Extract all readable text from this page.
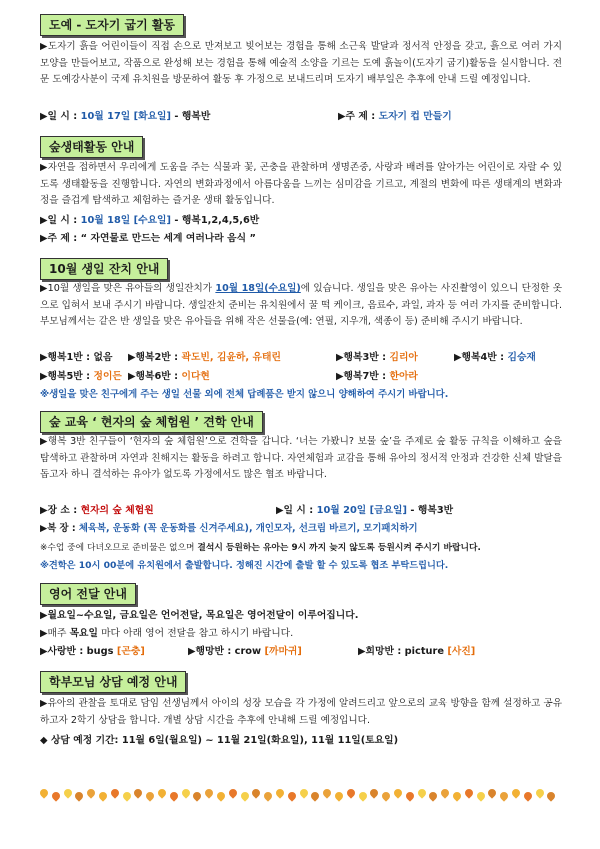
도예 - 도자기 굽기 활동
▶도자기 흙을 어린이들이 직접 손으로 만져보고 빚어보는 경험을 통해 소근육 발달과 정서적 안정을 갖고, 흙으로 여러 가지 모양을 만들어보고, 작품으로 완성해 보는 경험을 통해 예술적 소양을 기르는 도예 흙놀이(도자기 굽기)활동을 실시합니다. 전문 도예강사분이 국제 유치원을 방문하여 활동 후 가정으로 보내드리며 도자기 배부일은 추후에 안내 드릴 예정입니다.
▶일 시 : 10월 17일 [화요일] - 행복반	▶주 제 : 도자기 컵 만들기
숲생태활동 안내
▶자연을 접하면서 우리에게 도움을 주는 식물과 꽃, 곤충을 관찰하며 생명존중, 사랑과 배려를 알아가는 어린이로 자랄 수 있도록 생태활동을 진행합니다. 자연의 변화과정에서 아름다움을 느끼는 심미감을 기르고, 계절의 변화에 따른 생태계의 변화과정을 즐겁게 탐색하고 체험하는 즐거운 생태 활동입니다.
▶일 시 : 10월 18일 [수요일] - 행복1,2,4,5,6반
▶주 제 : “ 자연물로 만드는 세계 여러나라 음식 ”
10월 생일 잔치 안내
▶10월 생일을 맞은 유아들의 생일잔치가 10월 18일(수요일)에 있습니다. 생일을 맞은 유아는 사진촬영이 있으니 단정한 옷으로 입혀서 보내 주시기 바랍니다. 생일잔치 준비는 유치원에서 꿀 떡 케이크, 음료수, 과일, 과자 등 여러 가지를 준비합니다. 부모님께서는 같은 반 생일을 맞은 유아들을 위해 작은 선물을(예: 연필, 지우개, 색종이 등) 준비해 주시기 바랍니다.
▶행복1반 : 없음 ▶행복2반 : 곽도빈, 김윤하, 유태린	▶행복3반 : 김리아	▶행복4반 : 김승재
▶행복5반 : 정이든 ▶행복6반 : 이다현	▶행복7반 : 한아라
※생일을 맞은 친구에게 주는 생일 선물 외에 전체 답례품은 받지 않으니 양해하여 주시기 바랍니다.
숲 교육 ‘ 현자의 숲 체험원 ’ 견학 안내
▶행복 3반 친구들이 ‘현자의 숲 체험원’으로 견학을 갑니다. ‘너는 가봤니? 보물 숲’을 주제로 숲 활동 규칙을 이해하고 숲을 탐색하고 관찰하며 자연과 친해지는 활동을 하려고 합니다. 자연체험과 교감을 통해 유아의 정서적 안정과 건강한 신체 발달을 돕고자 하니 결석하는 유아가 없도록 가정에서도 많은 협조 바랍니다.
▶장 소 : 현자의 숲 체험원	▶일 시 : 10월 20일 [금요일] - 행복3반
▶복 장 : 체육복, 운동화 (꼭 운동화를 신겨주세요), 개인모자, 선크림 바르기, 모기패치하기
※수업 중에 다녀오므로 준비물은 없으며 결석시 등원하는 유아는 9시 까지 늦지 않도록 등원시켜 주시기 바랍니다.
※견학은 10시 00분에 유치원에서 출발합니다. 정해진 시간에 출발 할 수 있도록 협조 부탁드립니다.
영어 전달 안내
▶월요일~수요일, 금요일은 언어전달, 목요일은 영어전달이 이루어집니다.
▶매주 목요일 마다 아래 영어 전달을 참고 하시기 바랍니다.
▶사랑반 : bugs [곤충]	▶행망반 : crow [까마귀]	▶희망반 : picture [사진]
학부모님 상담 예정 안내
▶유아의 관찰을 토대로 담임 선생님께서 아이의 성장 모습을 각 가정에 알려드리고 앞으로의 교육 방향을 함께 설정하고 공유하고자 2학기 상담을 합니다. 개별 상담 시간을 추후에 안내해 드릴 예정입니다.
◆ 상담 예정 기간: 11월 6일(월요일) ~ 11월 21일(화요일), 11월 11일(토요일)
